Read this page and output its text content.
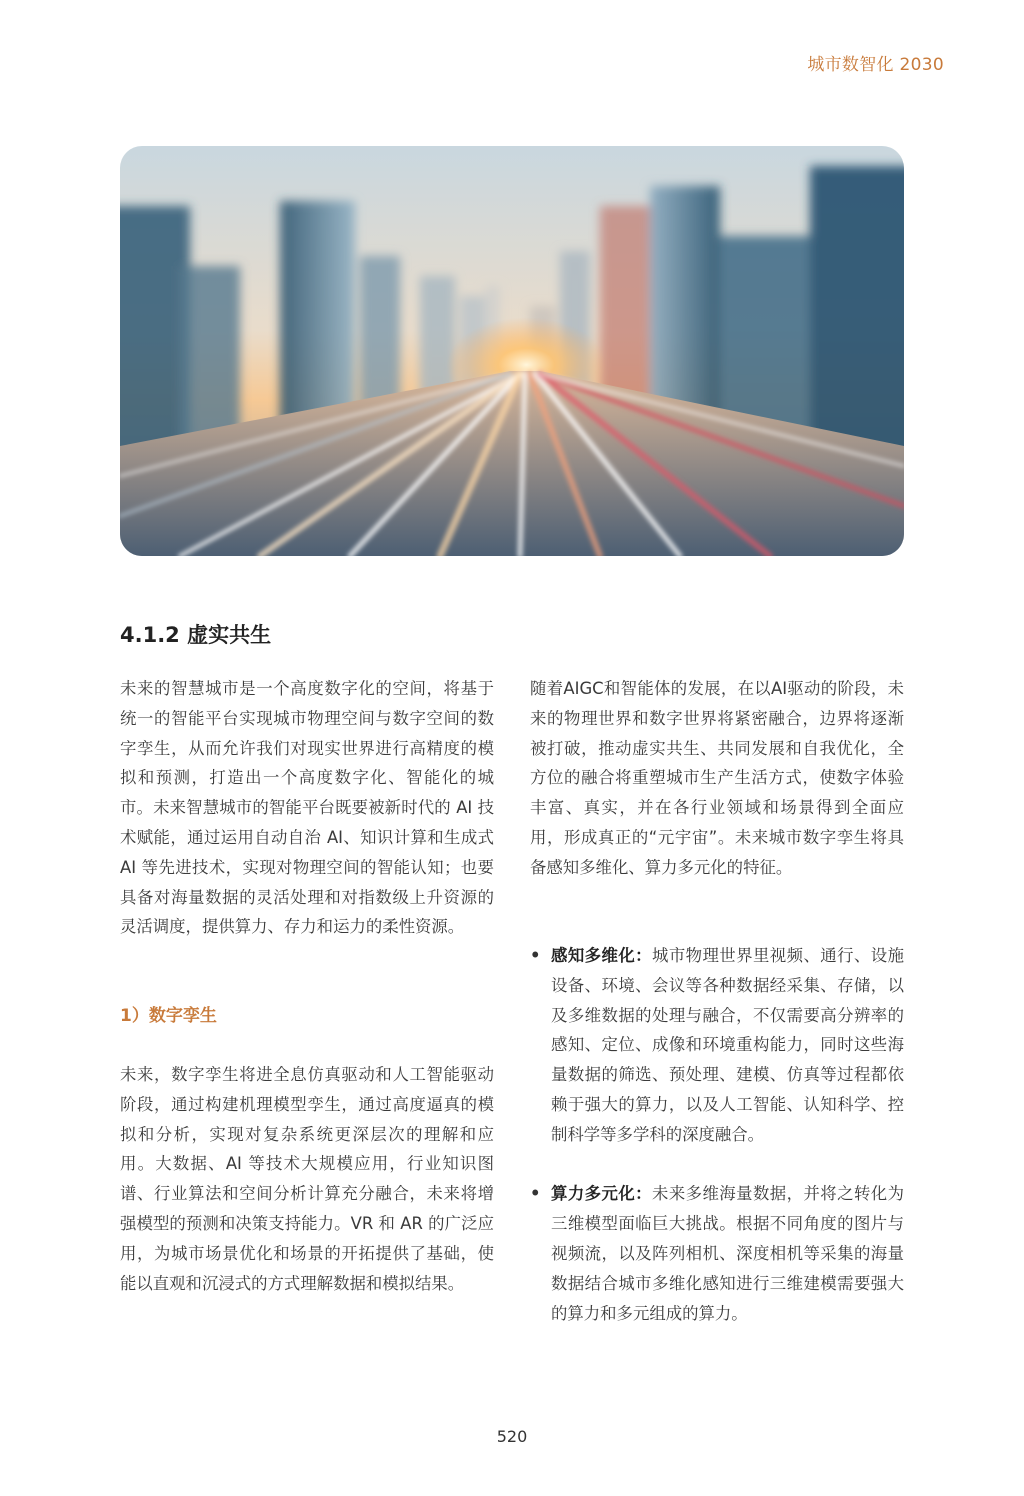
城市数智化 2030
4.1.2 虚实共生

未来的智慧城市是一个高度数字化的空间，将基于统一的智能平台实现城市物理空间与数字空间的数字孪生，从而允许我们对现实世界进行高精度的模拟和预测，打造出一个高度数字化、智能化的城市。未来智慧城市的智能平台既要被新时代的 AI 技术赋能，通过运用自动自治 AI、知识计算和生成式 AI 等先进技术，实现对物理空间的智能认知；也要具备对海量数据的灵活处理和对指数级上升资源的灵活调度，提供算力、存力和运力的柔性资源。

1）数字孪生

未来，数字孪生将进全息仿真驱动和人工智能驱动阶段，通过构建机理模型孪生，通过高度逼真的模拟和分析，实现对复杂系统更深层次的理解和应用。大数据、AI 等技术大规模应用，行业知识图谱、行业算法和空间分析计算充分融合，未来将增强模型的预测和决策支持能力。VR 和 AR 的广泛应用，为城市场景优化和场景的开拓提供了基础，使能以直观和沉浸式的方式理解数据和模拟结果。

随着AIGC和智能体的发展，在以AI驱动的阶段，未来的物理世界和数字世界将紧密融合，边界将逐渐被打破，推动虚实共生、共同发展和自我优化，全方位的融合将重塑城市生产生活方式，使数字体验丰富、真实，并在各行业领域和场景得到全面应用，形成真正的“元宇宙”。未来城市数字孪生将具备感知多维化、算力多元化的特征。

• 感知多维化：城市物理世界里视频、通行、设施设备、环境、会议等各种数据经采集、存储，以及多维数据的处理与融合，不仅需要高分辨率的感知、定位、成像和环境重构能力，同时这些海量数据的筛选、预处理、建模、仿真等过程都依赖于强大的算力，以及人工智能、认知科学、控制科学等多学科的深度融合。
• 算力多元化：未来多维海量数据，并将之转化为三维模型面临巨大挑战。根据不同角度的图片与视频流，以及阵列相机、深度相机等采集的海量数据结合城市多维化感知进行三维建模需要强大的算力和多元组成的算力。
520
